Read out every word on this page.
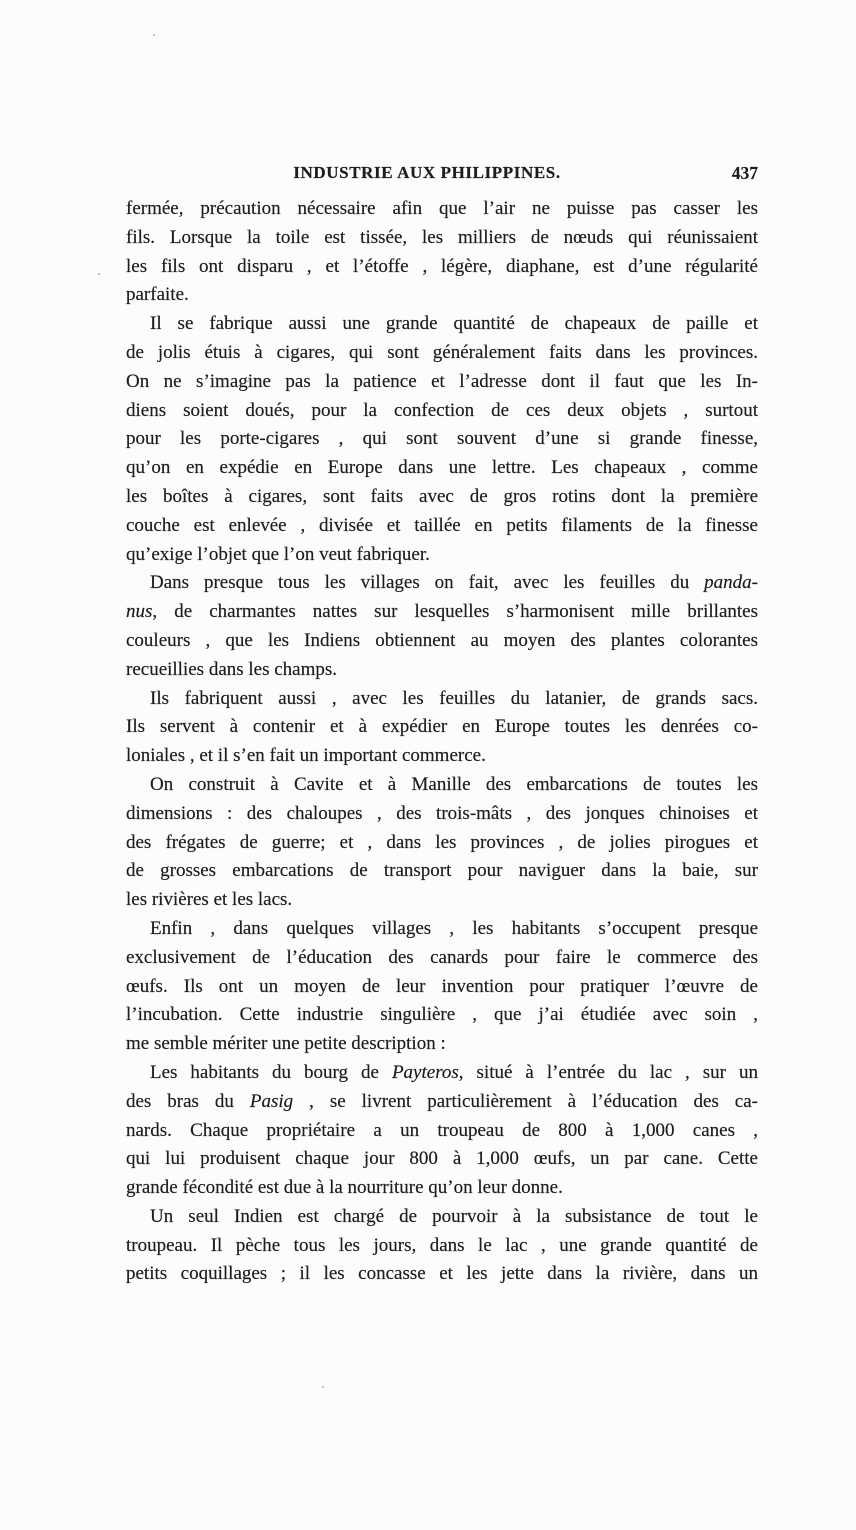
INDUSTRIE AUX PHILIPPINES.	437
fermée, précaution nécessaire afin que l’air ne puisse pas casser les
fils. Lorsque la toile est tissée, les milliers de nœuds qui réunissaient
les fils ont disparu , et l’étoffe , légère, diaphane, est d’une régularité
parfaite.
Il se fabrique aussi une grande quantité de chapeaux de paille et
de jolis étuis à cigares, qui sont généralement faits dans les provinces.
On ne s’imagine pas la patience et l’adresse dont il faut que les In-
diens soient doués, pour la confection de ces deux objets , surtout
pour les porte-cigares , qui sont souvent d’une si grande finesse,
qu’on en expédie en Europe dans une lettre. Les chapeaux , comme
les boîtes à cigares, sont faits avec de gros rotins dont la première
couche est enlevée , divisée et taillée en petits filaments de la finesse
qu’exige l’objet que l’on veut fabriquer.
Dans presque tous les villages on fait, avec les feuilles du panda-
nus, de charmantes nattes sur lesquelles s’harmonisent mille brillantes
couleurs , que les Indiens obtiennent au moyen des plantes colorantes
recueillies dans les champs.
Ils fabriquent aussi , avec les feuilles du latanier, de grands sacs.
Ils servent à contenir et à expédier en Europe toutes les denrées co-
loniales , et il s’en fait un important commerce.
On construit à Cavite et à Manille des embarcations de toutes les
dimensions : des chaloupes , des trois-mâts , des jonques chinoises et
des frégates de guerre; et , dans les provinces , de jolies pirogues et
de grosses embarcations de transport pour naviguer dans la baie, sur
les rivières et les lacs.
Enfin , dans quelques villages , les habitants s’occupent presque
exclusivement de l’éducation des canards pour faire le commerce des
œufs. Ils ont un moyen de leur invention pour pratiquer l’œuvre de
l’incubation. Cette industrie singulière , que j’ai étudiée avec soin ,
me semble mériter une petite description :
Les habitants du bourg de Payteros, situé à l’entrée du lac , sur un
des bras du Pasig , se livrent particulièrement à l’éducation des ca-
nards. Chaque propriétaire a un troupeau de 800 à 1,000 canes ,
qui lui produisent chaque jour 800 à 1,000 œufs, un par cane. Cette
grande fécondité est due à la nourriture qu’on leur donne.
Un seul Indien est chargé de pourvoir à la subsistance de tout le
troupeau. Il pèche tous les jours, dans le lac , une grande quantité de
petits coquillages ; il les concasse et les jette dans la rivière, dans un
